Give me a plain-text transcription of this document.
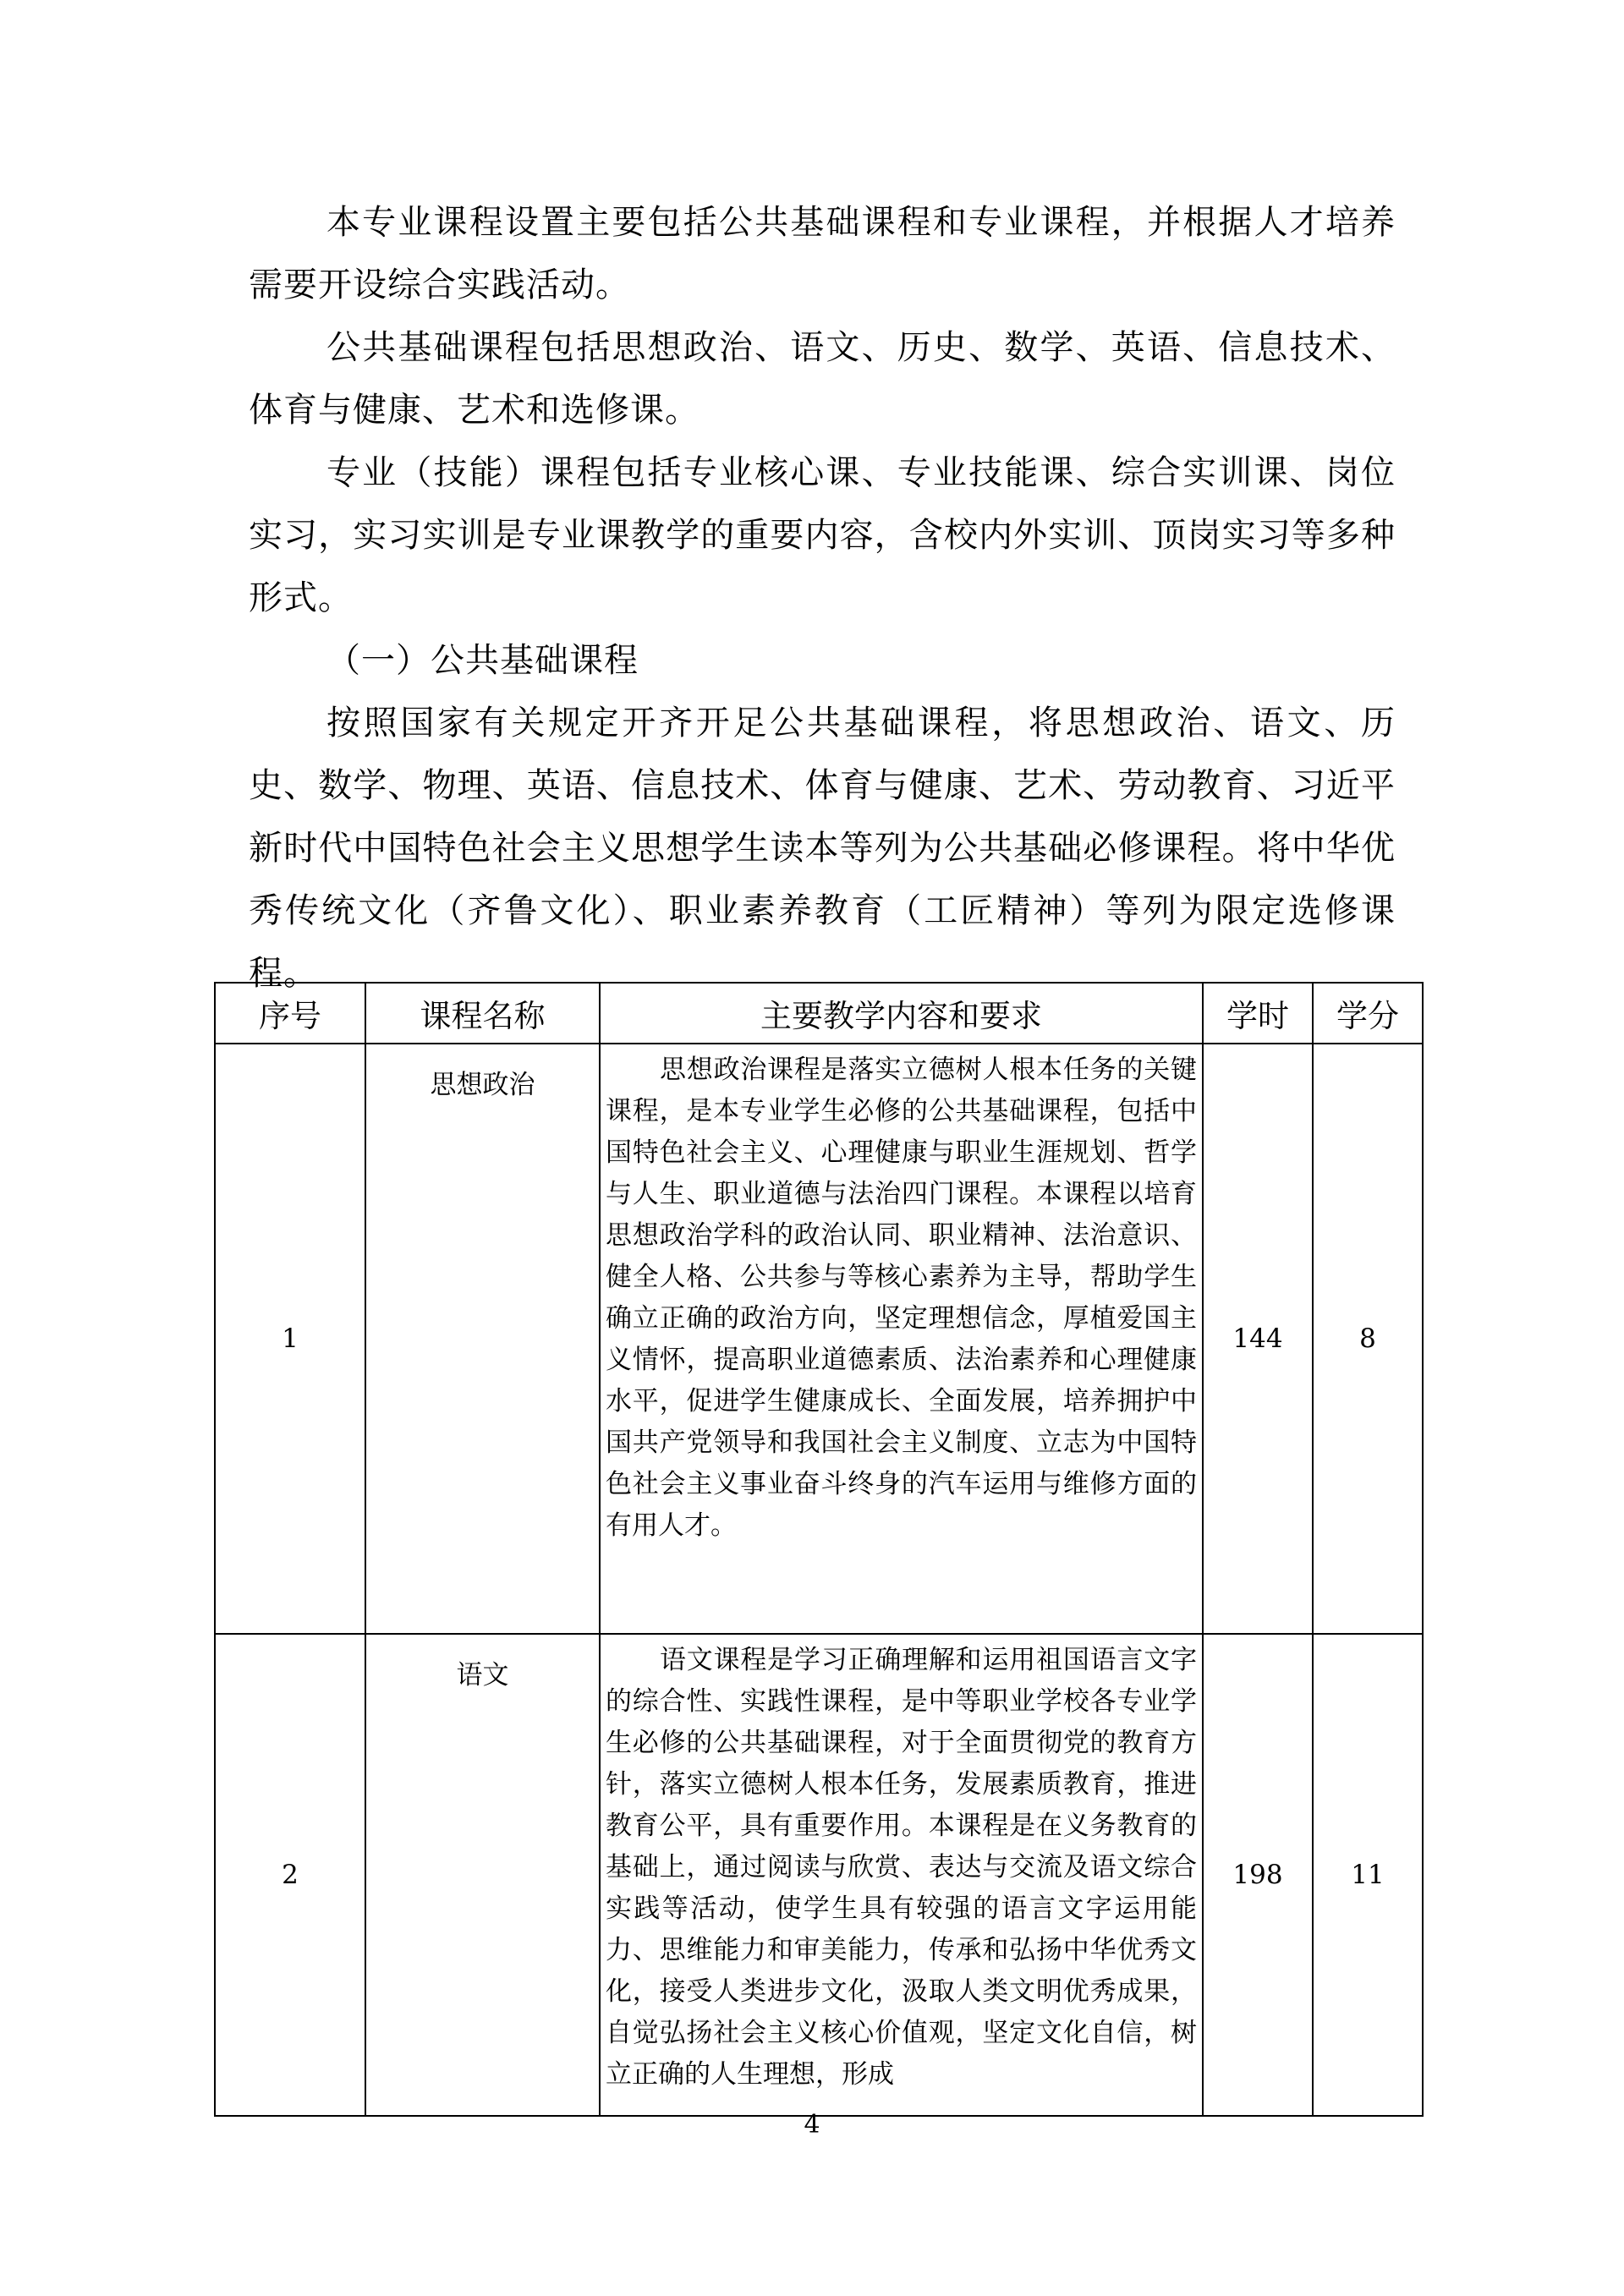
本专业课程设置主要包括公共基础课程和专业课程，并根据人才培养需要开设综合实践活动。

公共基础课程包括思想政治、语文、历史、数学、英语、信息技术、体育与健康、艺术和选修课。

专业（技能）课程包括专业核心课、专业技能课、综合实训课、岗位实习，实习实训是专业课教学的重要内容，含校内外实训、顶岗实习等多种形式。

（一）公共基础课程

按照国家有关规定开齐开足公共基础课程，将思想政治、语文、历史、数学、物理、英语、信息技术、体育与健康、艺术、劳动教育、习近平新时代中国特色社会主义思想学生读本等列为公共基础必修课程。将中华优秀传统文化（齐鲁文化）、职业素养教育（工匠精神）等列为限定选修课程。

序号	课程名称	主要教学内容和要求	学时	学分
1	思想政治	思想政治课程是落实立德树人根本任务的关键课程，是本专业学生必修的公共基础课程，包括中国特色社会主义、心理健康与职业生涯规划、哲学与人生、职业道德与法治四门课程。本课程以培育思想政治学科的政治认同、职业精神、法治意识、健全人格、公共参与等核心素养为主导，帮助学生确立正确的政治方向，坚定理想信念，厚植爱国主义情怀，提高职业道德素质、法治素养和心理健康水平，促进学生健康成长、全面发展，培养拥护中国共产党领导和我国社会主义制度、立志为中国特色社会主义事业奋斗终身的汽车运用与维修方面的有用人才。	144	8
2	语文	语文课程是学习正确理解和运用祖国语言文字的综合性、实践性课程，是中等职业学校各专业学生必修的公共基础课程，对于全面贯彻党的教育方针，落实立德树人根本任务，发展素质教育，推进教育公平，具有重要作用。本课程是在义务教育的基础上，通过阅读与欣赏、表达与交流及语文综合实践等活动，使学生具有较强的语言文字运用能力、思维能力和审美能力，传承和弘扬中华优秀文化，接受人类进步文化，汲取人类文明优秀成果，自觉弘扬社会主义核心价值观，坚定文化自信，树立正确的人生理想，形成	198	11
4
